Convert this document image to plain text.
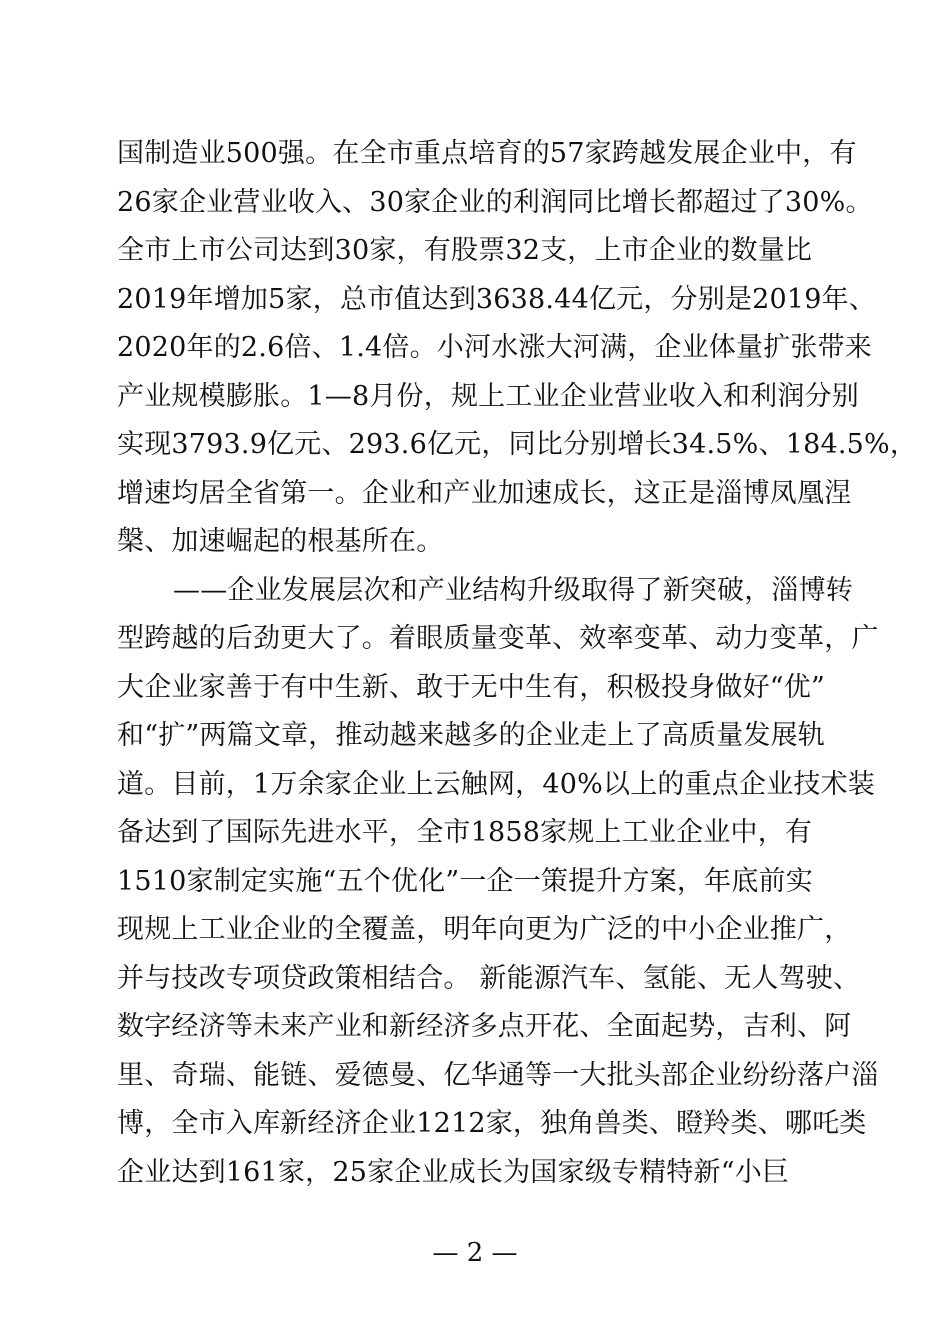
国制造业500强。在全市重点培育的57家跨越发展企业中，有
26家企业营业收入、30家企业的利润同比增长都超过了30%。
全市上市公司达到30家，有股票32支，上市企业的数量比
2019年增加5家，总市值达到3638.44亿元，分别是2019年、
2020年的2.6倍、1.4倍。小河水涨大河满，企业体量扩张带来
产业规模膨胀。1—8月份，规上工业企业营业收入和利润分别
实现3793.9亿元、293.6亿元，同比分别增长34.5%、184.5%，
增速均居全省第一。企业和产业加速成长，这正是淄博凤凰涅
槃、加速崛起的根基所在。
——企业发展层次和产业结构升级取得了新突破，淄博转
型跨越的后劲更大了。着眼质量变革、效率变革、动力变革，广
大企业家善于有中生新、敢于无中生有，积极投身做好“优”
和“扩”两篇文章，推动越来越多的企业走上了高质量发展轨
道。目前，1万余家企业上云触网，40%以上的重点企业技术装
备达到了国际先进水平，全市1858家规上工业企业中，有
1510家制定实施“五个优化”一企一策提升方案，年底前实
现规上工业企业的全覆盖，明年向更为广泛的中小企业推广，
并与技改专项贷政策相结合。 新能源汽车、氢能、无人驾驶、
数字经济等未来产业和新经济多点开花、全面起势，吉利、阿
里、奇瑞、能链、爱德曼、亿华通等一大批头部企业纷纷落户淄
博，全市入库新经济企业1212家，独角兽类、瞪羚类、哪吒类
企业达到161家，25家企业成长为国家级专精特新“小巨
— 2 —
